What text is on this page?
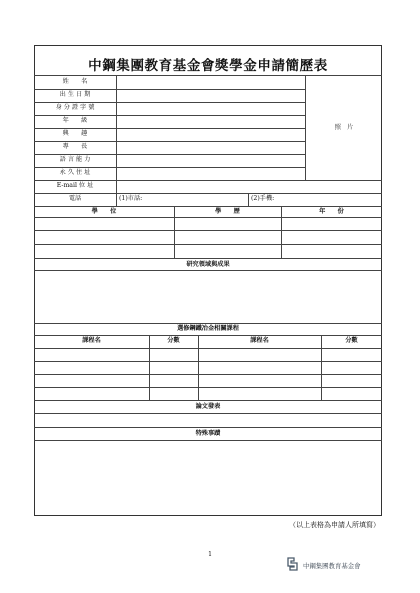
中鋼集團教育基金會獎學金申請簡歷表
姓　　名
出 生 日 期
身 分 證 字 號
年　　級
興　　趣
專　　長
語 言 能 力
永 久 住 址
E-mail 位 址
照　片
電話	(1)市話:	(2)手機:
學　　位	學　　歷	年　　份
研究領域與成果
選修鋼鐵冶金相關課程
課程名	分數	課程名	分數
論文發表
特殊事蹟
（以上表格為申請人所填寫）
1
中鋼集團教育基金會
